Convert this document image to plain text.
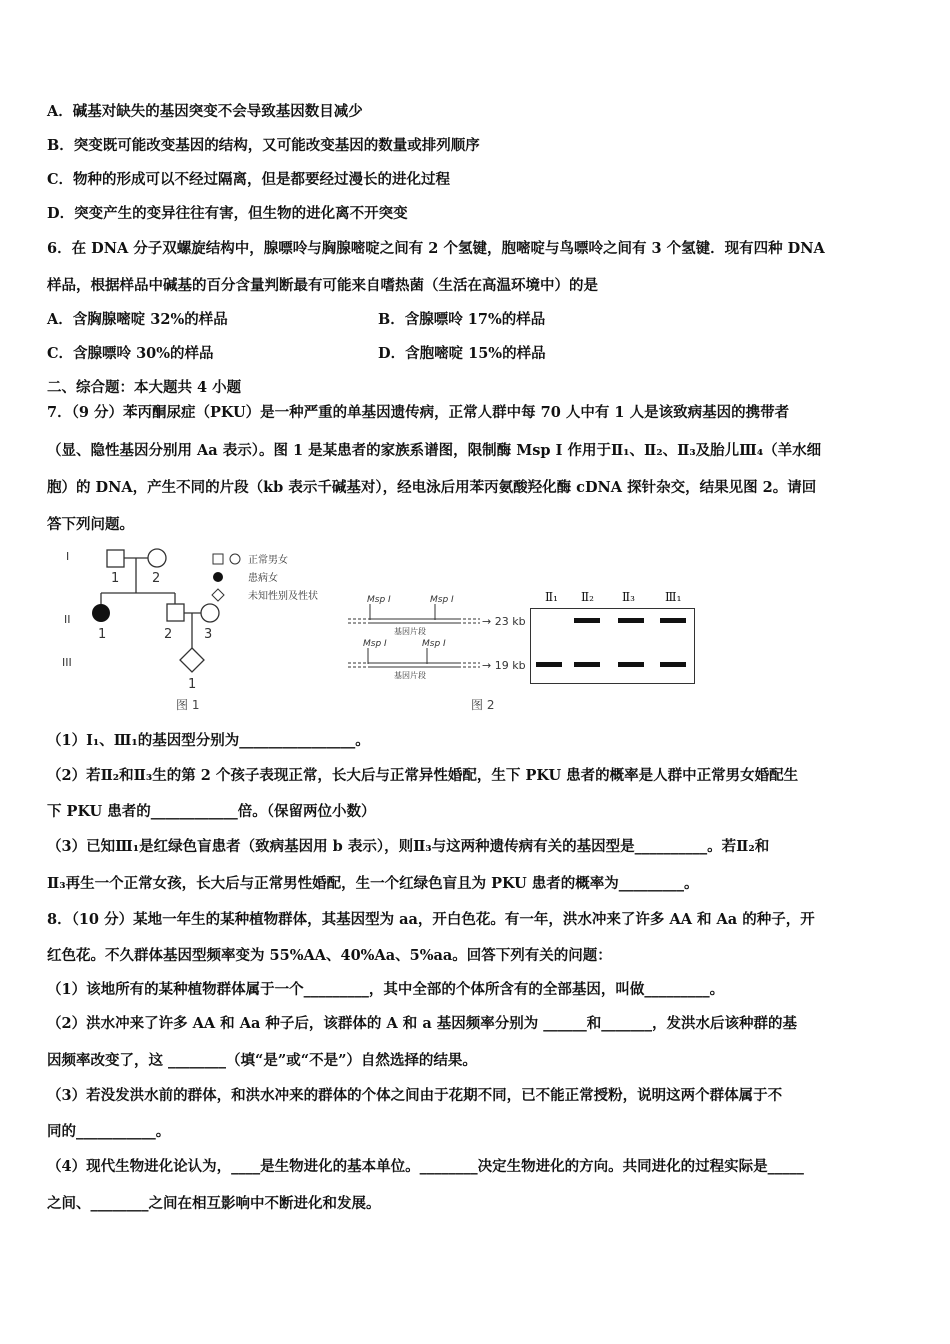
A．碱基对缺失的基因突变不会导致基因数目减少
B．突变既可能改变基因的结构，又可能改变基因的数量或排列顺序
C．物种的形成可以不经过隔离，但是都要经过漫长的进化过程
D．突变产生的变异往往有害，但生物的进化离不开突变
6．在 DNA 分子双螺旋结构中，腺嘌呤与胸腺嘧啶之间有 2 个氢键，胞嘧啶与鸟嘌呤之间有 3 个氢键．现有四种 DNA
样品，根据样品中碱基的百分含量判断最有可能来自嗜热菌（生活在高温环境中）的是
A．含胸腺嘧啶 32%的样品	B．含腺嘌呤 17%的样品
C．含腺嘌呤 30%的样品	D．含胞嘧啶 15%的样品
二、综合题：本大题共 4 小题
7．（9 分）苯丙酮尿症（PKU）是一种严重的单基因遗传病，正常人群中每 70 人中有 1 人是该致病基因的携带者
（显、隐性基因分别用 Aa 表示）。图 1 是某患者的家族系谱图，限制酶 Msp I 作用于Ⅱ₁、Ⅱ₂、Ⅱ₃及胎儿Ⅲ₄（羊水细
胞）的 DNA，产生不同的片段（kb 表示千碱基对），经电泳后用苯丙氨酸羟化酶 cDNA 探针杂交，结果见图 2。请回
答下列问题。
I
II
III
1	2
1	2 3
1
正常男女
患病女
未知性别及性状
图 1
Msp I	Msp I
Msp I	Msp I
基因片段
基因片段
→ 23 kb
→ 19 kb
图 2
Ⅱ₁ Ⅱ₂ Ⅱ₃	Ⅲ₁
（1）I₁、Ⅲ₁的基因型分别为________________。
（2）若Ⅱ₂和Ⅱ₃生的第 2 个孩子表现正常，长大后与正常异性婚配，生下 PKU 患者的概率是人群中正常男女婚配生
下 PKU 患者的____________倍。（保留两位小数）
（3）已知Ⅲ₁是红绿色盲患者（致病基因用 b 表示），则Ⅱ₃与这两种遗传病有关的基因型是__________。若Ⅱ₂和
Ⅱ₃再生一个正常女孩，长大后与正常男性婚配，生一个红绿色盲且为 PKU 患者的概率为_________。
8．（10 分）某地一年生的某种植物群体，其基因型为 aa，开白色花。有一年，洪水冲来了许多 AA 和 Aa 的种子，开
红色花。不久群体基因型频率变为 55%AA、40%Aa、5%aa。回答下列有关的问题：
（1）该地所有的某种植物群体属于一个_________，其中全部的个体所含有的全部基因，叫做_________。
（2）洪水冲来了许多 AA 和 Aa 种子后，该群体的 A 和 a 基因频率分别为 ______和_______，发洪水后该种群的基
因频率改变了，这 ________（填“是”或“不是”）自然选择的结果。
（3）若没发洪水前的群体，和洪水冲来的群体的个体之间由于花期不同，已不能正常授粉，说明这两个群体属于不
同的___________。
（4）现代生物进化论认为，____是生物进化的基本单位。________决定生物进化的方向。共同进化的过程实际是_____
之间、________之间在相互影响中不断进化和发展。
